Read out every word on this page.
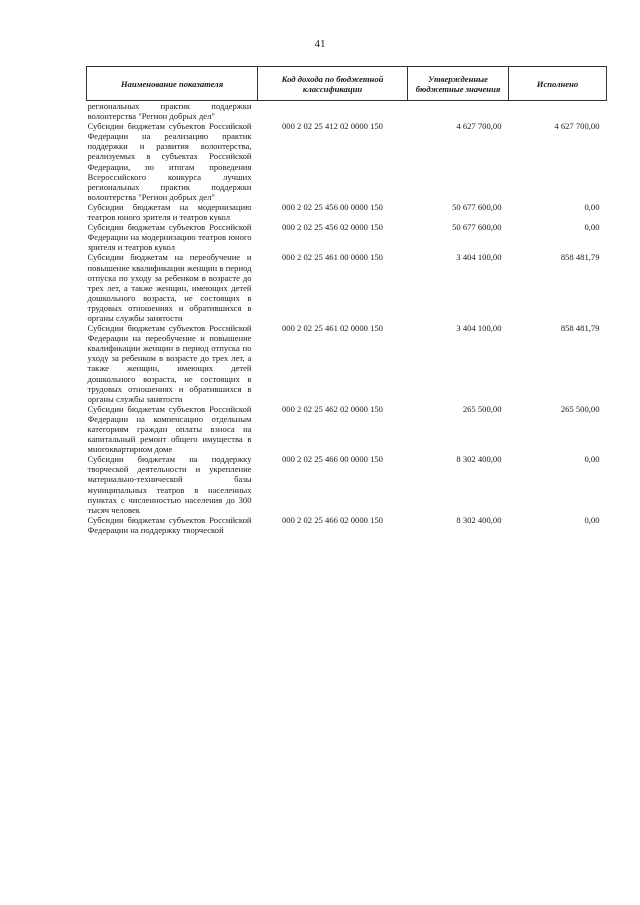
41
Наименование показателя	Код дохода по бюджетной классификации	Утвержденные бюджетные значения	Исполнено
региональных практик поддержки волонтерства "Регион добрых дел"			
Субсидии бюджетам субъектов Российской Федерации на реализацию практик поддержки и развития волонтерства, реализуемых в субъектах Российской Федерации, по итогам проведения Всероссийского конкурса лучших региональных практик поддержки волонтерства "Регион добрых дел"	000 2 02 25 412 02 0000 150	4 627 700,00	4 627 700,00
Субсидии бюджетам на модернизацию театров юного зрителя и театров кукол	000 2 02 25 456 00 0000 150	50 677 600,00	0,00
Субсидии бюджетам субъектов Российской Федерации на модернизацию театров юного зрителя и театров кукол	000 2 02 25 456 02 0000 150	50 677 600,00	0,00
Субсидии бюджетам на переобучение и повышение квалификации женщин в период отпуска по уходу за ребенком в возрасте до трех лет, а также женщин, имеющих детей дошкольного возраста, не состоящих в трудовых отношениях и обратившихся в органы службы занятости	000 2 02 25 461 00 0000 150	3 404 100,00	858 481,79
Субсидии бюджетам субъектов Российской Федерации на переобучение и повышение квалификации женщин в период отпуска по уходу за ребенком в возрасте до трех лет, а также женщин, имеющих детей дошкольного возраста, не состоящих в трудовых отношениях и обратившихся в органы службы занятости	000 2 02 25 461 02 0000 150	3 404 100,00	858 481,79
Субсидии бюджетам субъектов Российской Федерации на компенсацию отдельным категориям граждан оплаты взноса на капитальный ремонт общего имущества в многоквартирном доме	000 2 02 25 462 02 0000 150	265 500,00	265 500,00
Субсидии бюджетам на поддержку творческой деятельности и укрепление материально-технической базы муниципальных театров в населенных пунктах с численностью населения до 300 тысяч человек	000 2 02 25 466 00 0000 150	8 302 400,00	0,00
Субсидии бюджетам субъектов Российской Федерации на поддержку творческой	000 2 02 25 466 02 0000 150	8 302 400,00	0,00
